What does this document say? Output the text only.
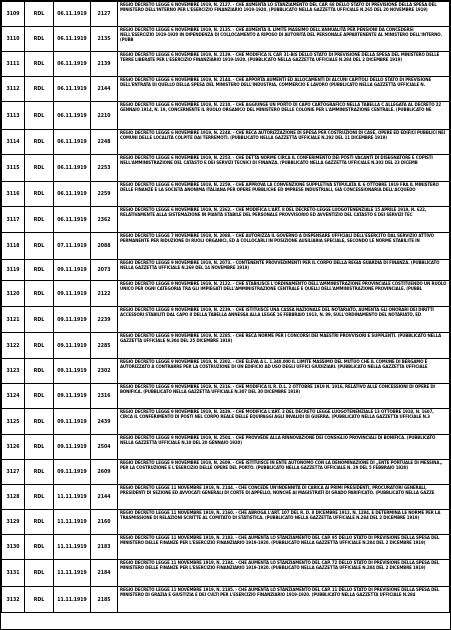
3109	RDL	06.11.1919	2127	REGIO DECRETO LEGGE 6 NOVEMBRE 1919, N. 2127. - CHE AUMENTA LO STANZIAMENTO DEL CAP. 68 DELLO STATO DI PREVISIONE DELLA SPESA DEL MINISTERO DELL'INTERNO PER L'ESERCIZIO FINANZIARIO 1919-1920. (PUBBLICATO NELLA GAZZETTA UFFICIALE N.265 DEL 20 NOVEMBRE 1919)
3110	RDL	06.11.1919	2135	REGIO DECRETO LEGGE 6 NOVEMBRE 1919, N. 2135. - CHE AUMENTA IL LIMITE MASSIMO DELL'ANNUALITÀ PER PENSIONI DA CONCEDERSI NELL'ESERCIZIO 1919-1920 IN DIPENDENZA DI COLLOCAMENTO A RIPOSO DI AUTORITÀ DEL PERSONALE APPARTENENTE AL MINISTERO DELL'INTERNO. (PUBB
3111	RDL	06.11.1919	2139	REGIO DECRETO LEGGE 6 NOVEMBRE 1919, N. 2139. - CHE MODIFICA IL CAP. 31-BIS DELLO STATO DI PREVISIONE DELLA SPESA DEL MINISTERO DELLE TERRE LIBERATE PER L'ESERCIZIO FINANZIARIO 1919-1920. (PUBBLICATO NELLA GAZZETTA UFFICIALE N.284 DEL 2 DICEMBRE 1919)
3112	RDL	06.11.1919	2144	REGIO DECRETO LEGGE 6 NOVEMBRE 1919, N. 2144. - CHE APPORTA AUMENTI ED ALLOCAMENTI DI ALCUNI CAPITOLI DELLO STATO DI PREVISIONE DELL'ENTRATA DI QUELLO DELLA SPESA DEL MINISTERO DELL'INDUSTRIA, COMMERCIO E LAVORO (PUBBLICATO NELLA GAZZETTA UFFICIALE N.
3113	RDL	06.11.1919	2210	REGIO DECRETO LEGGE 6 NOVEMBRE 1919, N. 2210. - CHE AGGIUNGE UN PORTO DI CAPO CARTOGRAFICO NELLA TABELLA C ALLEGATA AL DECRETO 22 GENNAIO 1914, N. 19, CONCERNENTE IL RUOLO ORGANICO DEL MINISTERO DELLE COLONIE PER L'AMMINISTRAZIONE CENTRALE. (PUBBLICATO NE
3114	RDL	06.11.1919	2248	REGIO DECRETO LEGGE 6 NOVEMBRE 1919, N. 2248. - CHE RECA AUTORIZZAZIONE DI SPESA PER COSTRUZIONI DI CASE, OPERE ED EDIFICI PUBBLICI NEI COMUNI DELLE LOCALITÀ COLPITE DAI TERREMOTI. (PUBBLICATO NELLA GAZZETTA UFFICIALE N.292 DEL 11 DICEMBRE 1919)
3115	RDL	06.11.1919	2253	REGIO DECRETO LEGGE 6 NOVEMBRE 1919, N. 2253. - CHE DETTA NORME CIRCA IL CONFERIMENTO DEI POSTI VACANTI DI DISEGNATORE E COPISTI NELL'AMMINISTRAZIONE DEL CATASTO E DEI SERVIZI TECNICI DI FINANZA. (PUBBLICATO NELLA GAZZETTA UFFICIALE N.302 DEL 23 DICEMB
3116	RDL	06.11.1919	2259	REGIO DECRETO LEGGE 6 NOVEMBRE 1919, N. 2259. - CHE APPROVA LA CONVENZIONE SUPPLETIVA STIPULATA IL 6 OTTOBRE 1919 FRA IL MINISTERO DELLE FINANZE E LA SOCIETÀ ANONIMA ITALIANA PER OPERE PUBBLICHE ED IMPRESE INDUSTRIALI, GIÀ CONCESSIONARIA DELL'ACQUEDO
3117	RDL	06.11.1919	2362	REGIO DECRETO LEGGE 6 NOVEMBRE 1919, N. 2362. - CHE MODIFICA L'ART. 8 DEL DECRETO-LEGGE LUOGOTENENZIALE 15 APRILE 1919, N. 622, RELATIVAMENTE ALLA SISTEMAZIONE IN PIANTA STABILE DEL PERSONALE PROVVISORIO ED AVVENTIZIO DEL CATASTO E DEI SERVIZI TEC
3118	RDL	07.11.1919	2088	REGIO DECRETO LEGGE 7 NOVEMBRE 1919, N. 2088. - CHE AUTORIZZA IL GOVERNO A DISPENSARE UFFICIALI DELL'ESERCITO DAL SERVIZIO ATTIVO PERMANENTE PER RIDUZIONE DI RUOLI ORGANICI, ED A COLLOCARLI IN POSIZIONE AUSILIARIA SPECIALE, SECONDO LE NORME STABILITE IN
3119	RDL	09.11.1919	2073	REGIO DECRETO LEGGE 9 NOVEMBRE 1919, N. 2073. - CONTENENTE PROVVEDIMENTI PER IL CORPO DELLA REGIA GUARDIA DI FINANZA. (PUBBLICATO NELLA GAZZETTA UFFICIALE N.269 DEL 14 NOVEMBRE 1919)
3120	RDL	09.11.1919	2122	REGIO DECRETO LEGGE 9 NOVEMBRE 1919, N. 2122. - CHE STABILISCE L'ORDINAMENTO DELL'AMMINISTRAZIONE PROVINCIALE COSTITUENDO UN RUOLO UNICO PER OGNI CATEGORIA TRA GLI IMPIEGATI DELL'AMMINISTRAZIONE CENTRALE E QUELLI DELL'AMMINISTRAZIONE PROVINCIALE. (PUBBL
3121	RDL	09.11.1919	2239	REGIO DECRETO LEGGE 9 NOVEMBRE 1919, N. 2239. - CHE ISTITUISCE UNA CASSA NAZIONALE DEL NOTARIATO, AUMENTA GLI ONORARI DEI DIRITTI ACCESSORI STABILITI DAL CAPO II DELLA TABELLA ANNESSA ALLA LEGGE 16 FEBBRAIO 1913, N. 89, SULL'ORDINAMENTO DEL NOTARIATO, ED
3122	RDL	09.11.1919	2285	REGIO DECRETO LEGGE 9 NOVEMBRE 1919, N. 2285. - CHE RECA NORME PER I CONCORSI DEI MAESTRI PROVVISORI E SUPPLENTI. (PUBBLICATO NELLA GAZZETTA UFFICIALE N.304 DEL 25 DICEMBRE 1919)
3123	RDL	09.11.1919	2302	REGIO DECRETO LEGGE 9 NOVEMBRE 1919, N. 2302. - CHE ELEVA A L. 1.340.000 IL LIMITE MASSIMO DEL MUTUO CHE IL COMUNE DI BERGAMO È AUTORIZZATO A CONTRARRE PER LA COSTRUZIONE DI UN EDIFICIO AD USO DEGLI UFFICI GIUDIZIARI. (PUBBLICATO NELLA GAZZETTA UFFICIALE
3124	RDL	09.11.1919	2316	REGIO DECRETO LEGGE 9 NOVEMBRE 1919, N. 2316. - CHE MODIFICA IL R. D.L. 2 OTTOBRE 1919 N. 1916, RELATIVO ALLE CONCESSIONI DI OPERE DI BONIFICA. (PUBBLICATO NELLA GAZZETTA UFFICIALE N.307 DEL 30 DICEMBRE 1919)
3125	RDL	09.11.1919	2439	REGIO DECRETO LEGGE 9 NOVEMBRE 1919, N. 2439. - CHE MODIFICA L'ART. 3 DEL DECRETO LEGGE LUOGOTENENZIALE 13 OTTOBRE 1918, N. 1607, CIRCA IL CONFERIMENTO DI POSTI NEL CORPO REALE DELLE EQUIPAGGI AGLI INVALIDI DI GUERRA. (PUBBLICATO NELLA GAZZETTA UFFICIALE N.3
3126	RDL	09.11.1919	2504	REGIO DECRETO LEGGE 9 NOVEMBRE 1919, N. 2504. - CHE PROVVEDE ALLA RINNOVAZIONE DEI CONSIGLIO PROVINCIALI DI BONIFICA. (PUBBLICATO NELLA GAZZETTA UFFICIALE N.10 DEL 20 GENNAIO 1920)
3127	RDL	09.11.1919	2609	REGIO DECRETO LEGGE 9 NOVEMBRE 1919, N. 2609. - CHE ISTITUISCE IN ENTE AUTONOMO CON LA DENOMINAZIONE DI „ENTE PORTUALE DI MESSINA„ PER LA COSTRUZIONE E L'ESERCIZIO DELLE OPERE DEL PORTO. (PUBBLICATO NELLA GAZZETTA UFFICIALE N. 29 DEL 5 FEBBRAIO 1920)
3128	RDL	11.11.1919	2144	REGIO DECRETO LEGGE 11 NOVEMBRE 1919, N. 2144. - CHE CONCEDE UN'INDENNITÀ DI CARICA AI PRIMI PRESIDENTI, PROCURATORI GENERALI, PRESIDENTI DI SEZIONE ED AVVOCATI GENERALI DI CORTE DI APPELLO, NONCHÉ AI MAGISTRATI DI GRADO PARIFICATO. (PUBBLICATO NELLA GAZZE
3129	RDL	11.11.1919	2160	REGIO DECRETO LEGGE 11 NOVEMBRE 1919, N. 2160. - CHE ABROGA L'ART. 107 DEL R. D. 8 DICEMBRE 1912, N. 1284, E DETERMINA LE NORME PER LA TRASMISSIONE DI RELAZIONI SCRITTE AL COMITATO DI STATISTICA. (PUBBLICATO NELLA GAZZETTA UFFICIALE N.284 DEL 2 DICEMBRE 1919)
3130	RDL	11.11.1919	2183	REGIO DECRETO LEGGE 11 NOVEMBRE 1919, N. 2183. - CHE AUMENTA LO STANZIAMENTO DEL CAP. 95 DELLO STATO DI PREVISIONE DELLA SPESA DEL MINISTERO DELLE FINANZE PER L'ESERCIZIO FINANZIARIO 1919-1920. (PUBBLICATO NELLA GAZZETTA UFFICIALE N.284 DEL 2 DICEMBRE 1919)
3131	RDL	11.11.1919	2184	REGIO DECRETO LEGGE 11 NOVEMBRE 1919, N. 2184. - CHE AUMENTA LO STANZIAMENTO DEL CAP. 72 DELLO STATO DI PREVISIONE DELLA SPESA DEL MINISTERO DELLE FINANZE PER L'ESERCIZIO FINANZIARIO 1919-1920. (PUBBLICATO NELLA GAZZETTA UFFICIALE N.284 DEL 2 DICEMBRE 1919)
3132	RDL	11.11.1919	2185	REGIO DECRETO LEGGE 11 NOVEMBRE 1919, N. 2185. - CHE AUMENTA LO STANZIAMENTO DEL CAP. 11 DELLO STATO DI PREVISIONE DELLA SPESA DEL MINISTERO DI GRAZIA E GIUSTIZIA E DEI CULTI PER L'ESERCIZIO FINANZIARIO 1919-1920. (PUBBLICATO NELLA GAZZETTA UFFICIALE N.284
